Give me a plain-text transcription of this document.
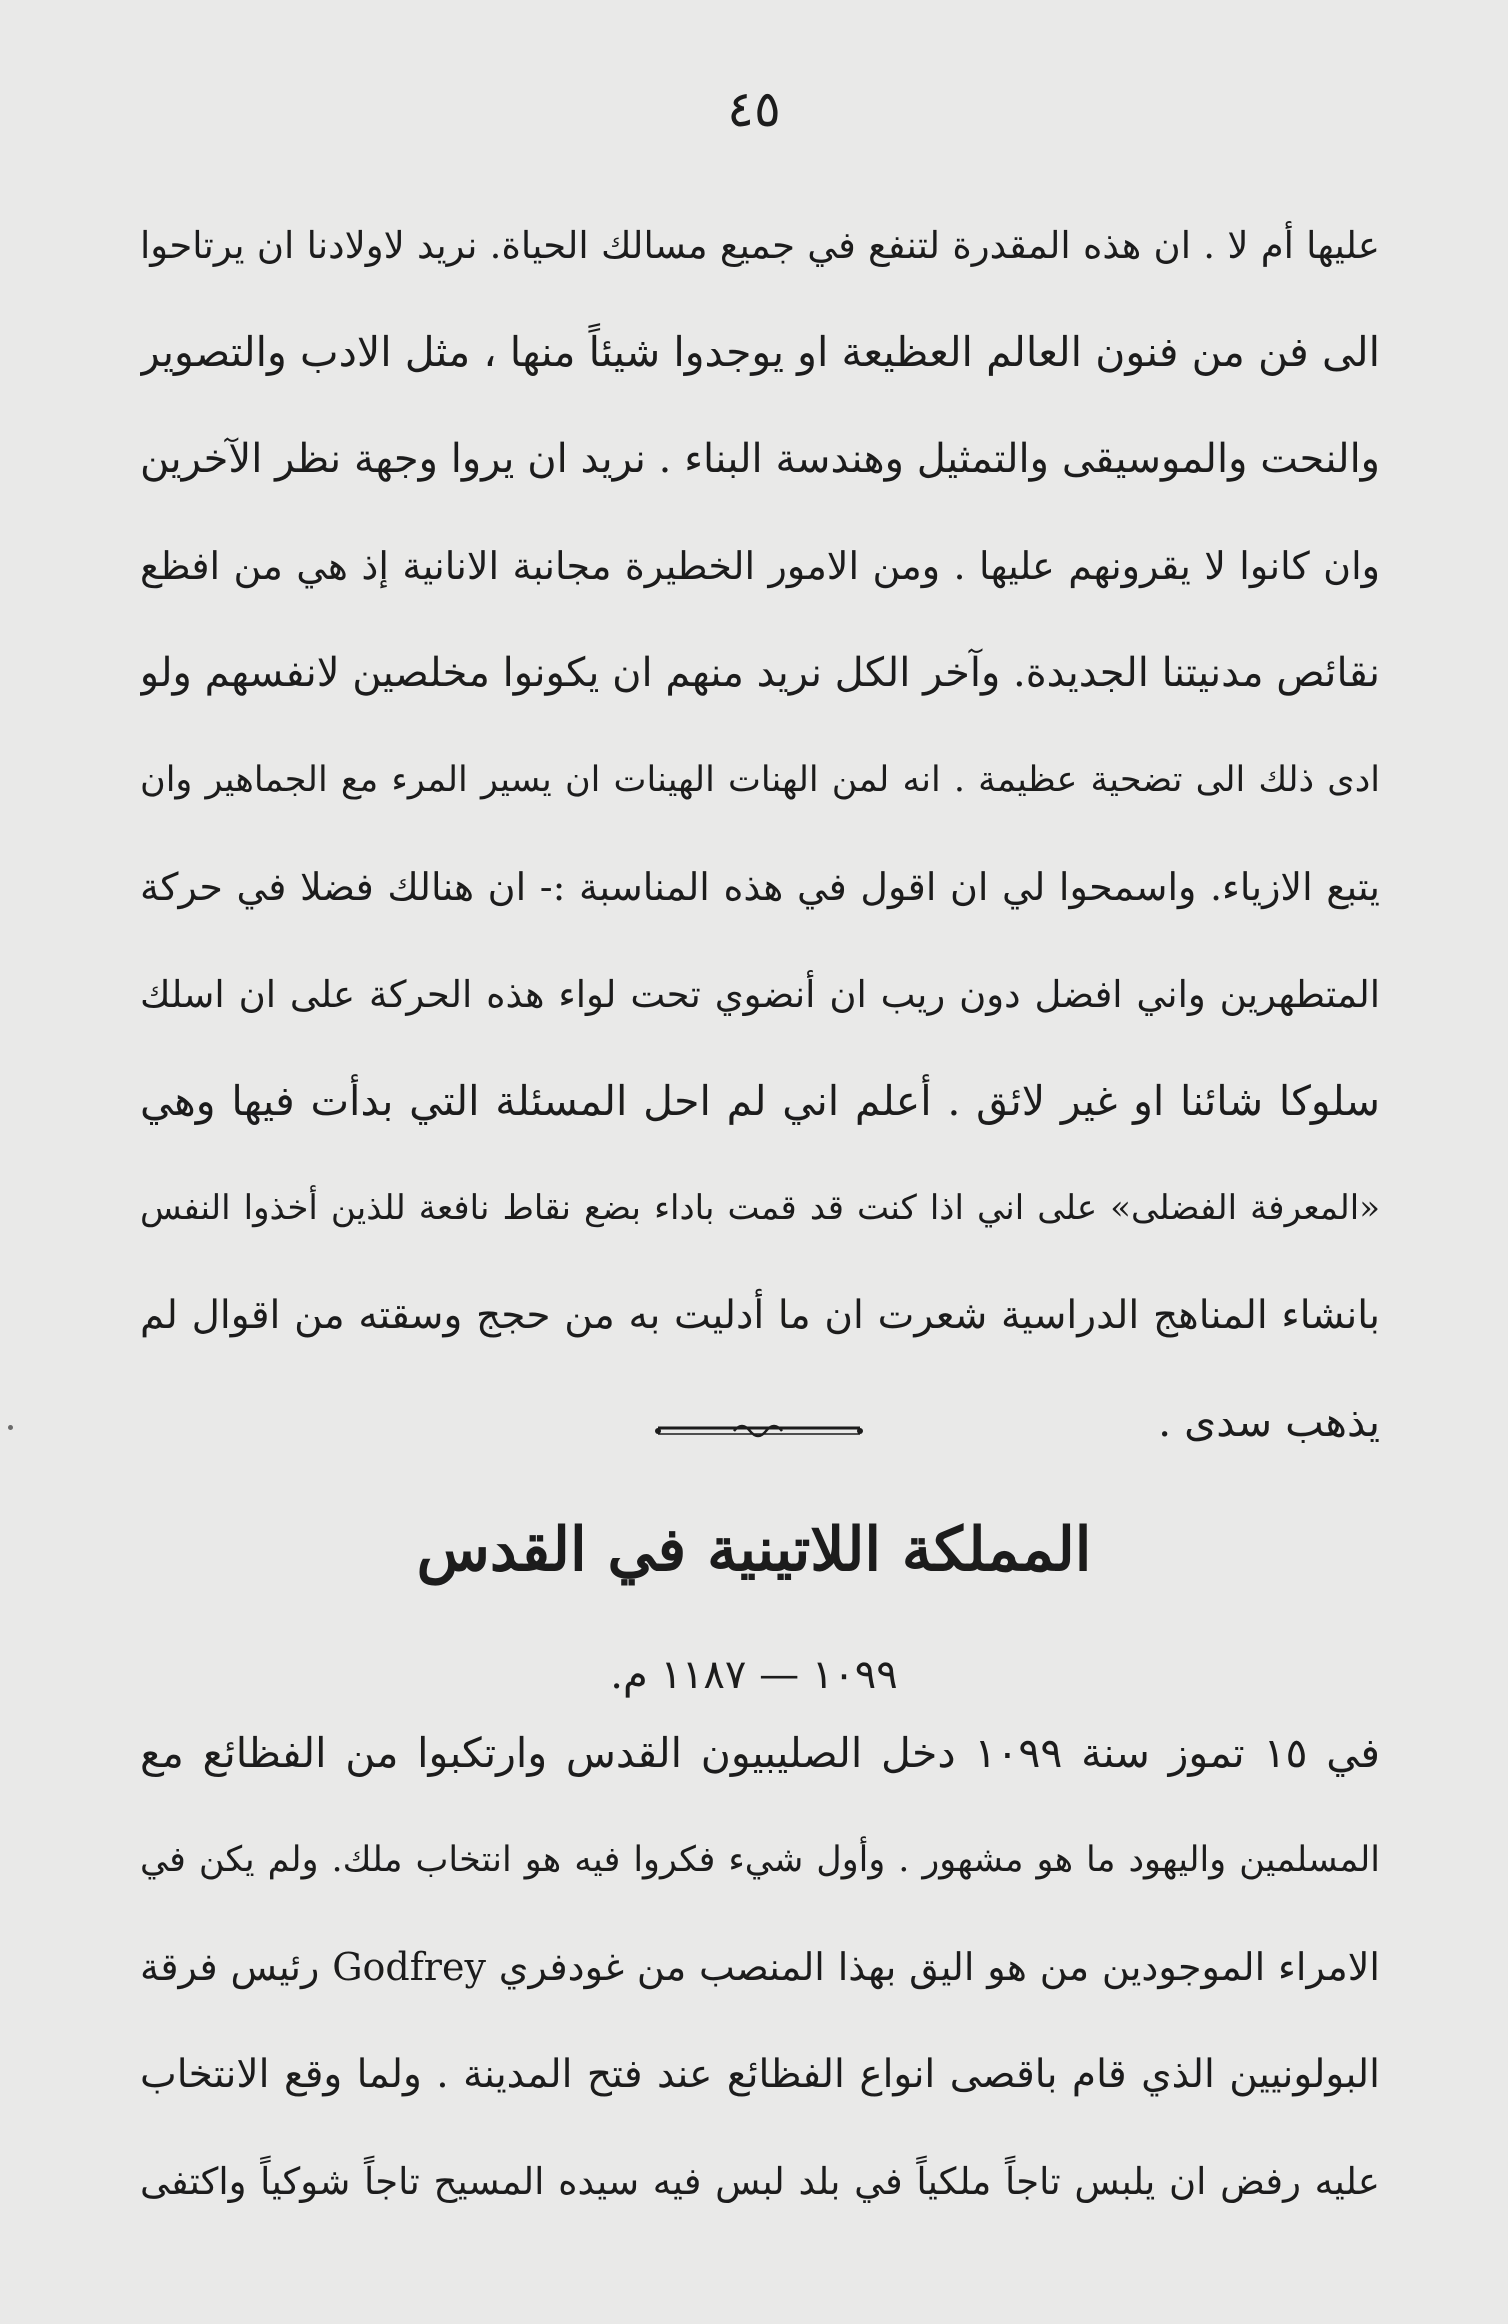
٤٥
عليها أم لا . ان هذه المقدرة لتنفع في جميع مسالك الحياة. نريد لاولادنا ان يرتاحوا
الى فن من فنون العالم العظيعة او يوجدوا شيئاً منها ، مثل الادب والتصوير
والنحت والموسيقى والتمثيل وهندسة البناء . نريد ان يروا وجهة نظر الآخرين
وان كانوا لا يقرونهم عليها . ومن الامور الخطيرة مجانبة الانانية إذ هي من افظع
نقائص مدنيتنا الجديدة. وآخر الكل نريد منهم ان يكونوا مخلصين لانفسهم ولو
ادى ذلك الى تضحية عظيمة . انه لمن الهنات الهينات ان يسير المرء مع الجماهير وان
يتبع الازياء. واسمحوا لي ان اقول في هذه المناسبة :- ان هنالك فضلا في حركة
المتطهرين واني افضل دون ريب ان أنضوي تحت لواء هذه الحركة على ان اسلك
سلوكا شائنا او غير لائق . أعلم اني لم احل المسئلة التي بدأت فيها وهي
«المعرفة الفضلى» على اني اذا كنت قد قمت باداء بضع نقاط نافعة للذين أخذوا النفس
بانشاء المناهج الدراسية شعرت ان ما أدليت به من حجج وسقته من اقوال لم
يذهب سدى .
المملكة اللاتينية في القدس
١٠٩٩ — ١١٨٧ م.
في ١٥ تموز سنة ١٠٩٩ دخل الصليبيون القدس وارتكبوا من الفظائع مع
المسلمين واليهود ما هو مشهور . وأول شيء فكروا فيه هو انتخاب ملك. ولم يكن في
الامراء الموجودين من هو اليق بهذا المنصب من غودفري Godfrey رئيس فرقة
البولونيين الذي قام باقصى انواع الفظائع عند فتح المدينة . ولما وقع الانتخاب
عليه رفض ان يلبس تاجاً ملكياً في بلد لبس فيه سيده المسيح تاجاً شوكياً واكتفى
